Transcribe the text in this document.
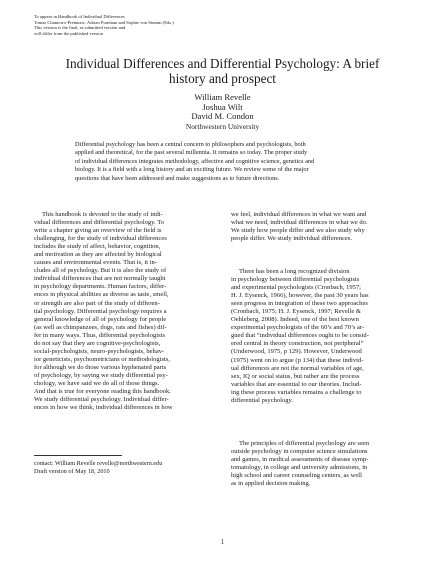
To appear in Handbook of Individual Differences
Tomas Chamorro-Premuzic, Adrian Furnham and Sophie von Stumm (Eds.)
This version is the final, as submitted version and
will differ from the published version
Individual Differences and Differential Psychology: A brief
history and prospect
William Revelle
Joshua Wilt
David M. Condon
Northwestern University
Differential psychology has been a central concern to philosophers and psychologists, both
applied and theoretical, for the past several millennia. It remains so today. The proper study
of individual differences integrates methodology, affective and cognitive science, genetics and
biology. It is a field with a long history and an exciting future. We review some of the major
questions that have been addressed and make suggestions as to future directions.
This handbook is devoted to the study of indi-
vidual differences and differential psychology. To
write a chapter giving an overview of the field is
challenging, for the study of individual differences
includes the study of affect, behavior, cognition,
and motivation as they are affected by biological
causes and environmental events. That is, it in-
cludes all of psychology. But it is also the study of
individual differences that are not normally taught
in psychology departments. Human factors, differ-
ences in physical abilities as diverse as taste, smell,
or strength are also part of the study of differen-
tial psychology. Differential psychology requires a
general knowledge of all of psychology for people
(as well as chimpanzees, dogs, rats and fishes) dif-
fer in many ways. Thus, differential psychologists
do not say that they are cognitive-psychologists,
social-psychologists, neuro-psychologists, behav-
ior geneticists, psychometricians or methodologists,
for although we do those various hyphenated parts
of psychology, by saying we study differential psy-
chology, we have said we do all of those things.
And that is true for everyone reading this handbook.
We study differential psychology. Individual differ-
ences in how we think, individual differences in how
we feel, individual differences in what we want and
what we need, individual differences in what we do.
We study how people differ and we also study why
people differ. We study individual differences.
There has been a long recognized division
in psychology between differential psychologists
and experimental psychologists (Cronbach, 1957;
H. J. Eysenck, 1966), however, the past 30 years has
seen progress in integration of these two approaches
(Cronbach, 1975; H. J. Eysenck, 1997; Revelle &
Oehleberg, 2008). Indeed, one of the best known
experimental psychologists of the 60’s and 70’s ar-
gued that “individual differences ought to be consid-
ered central in theory construction, not peripheral”
(Underwood, 1975, p 129). However, Underwood
(1975) went on to argue (p 134) that these individ-
ual differences are not the normal variables of age,
sex, IQ or social status, but rather are the process
variables that are essential to our theories. Includ-
ing these process variables remains a challenge to
differential psychology.
The principles of differential psychology are seen
outside psychology in computer science simulations
and games, in medical assessments of disease symp-
tomatology, in college and university admissions, in
high school and career counseling centers, as well
as in applied decision making.
contact: William Revelle revelle@northwestern.edu
Draft version of May 18, 2010
1
